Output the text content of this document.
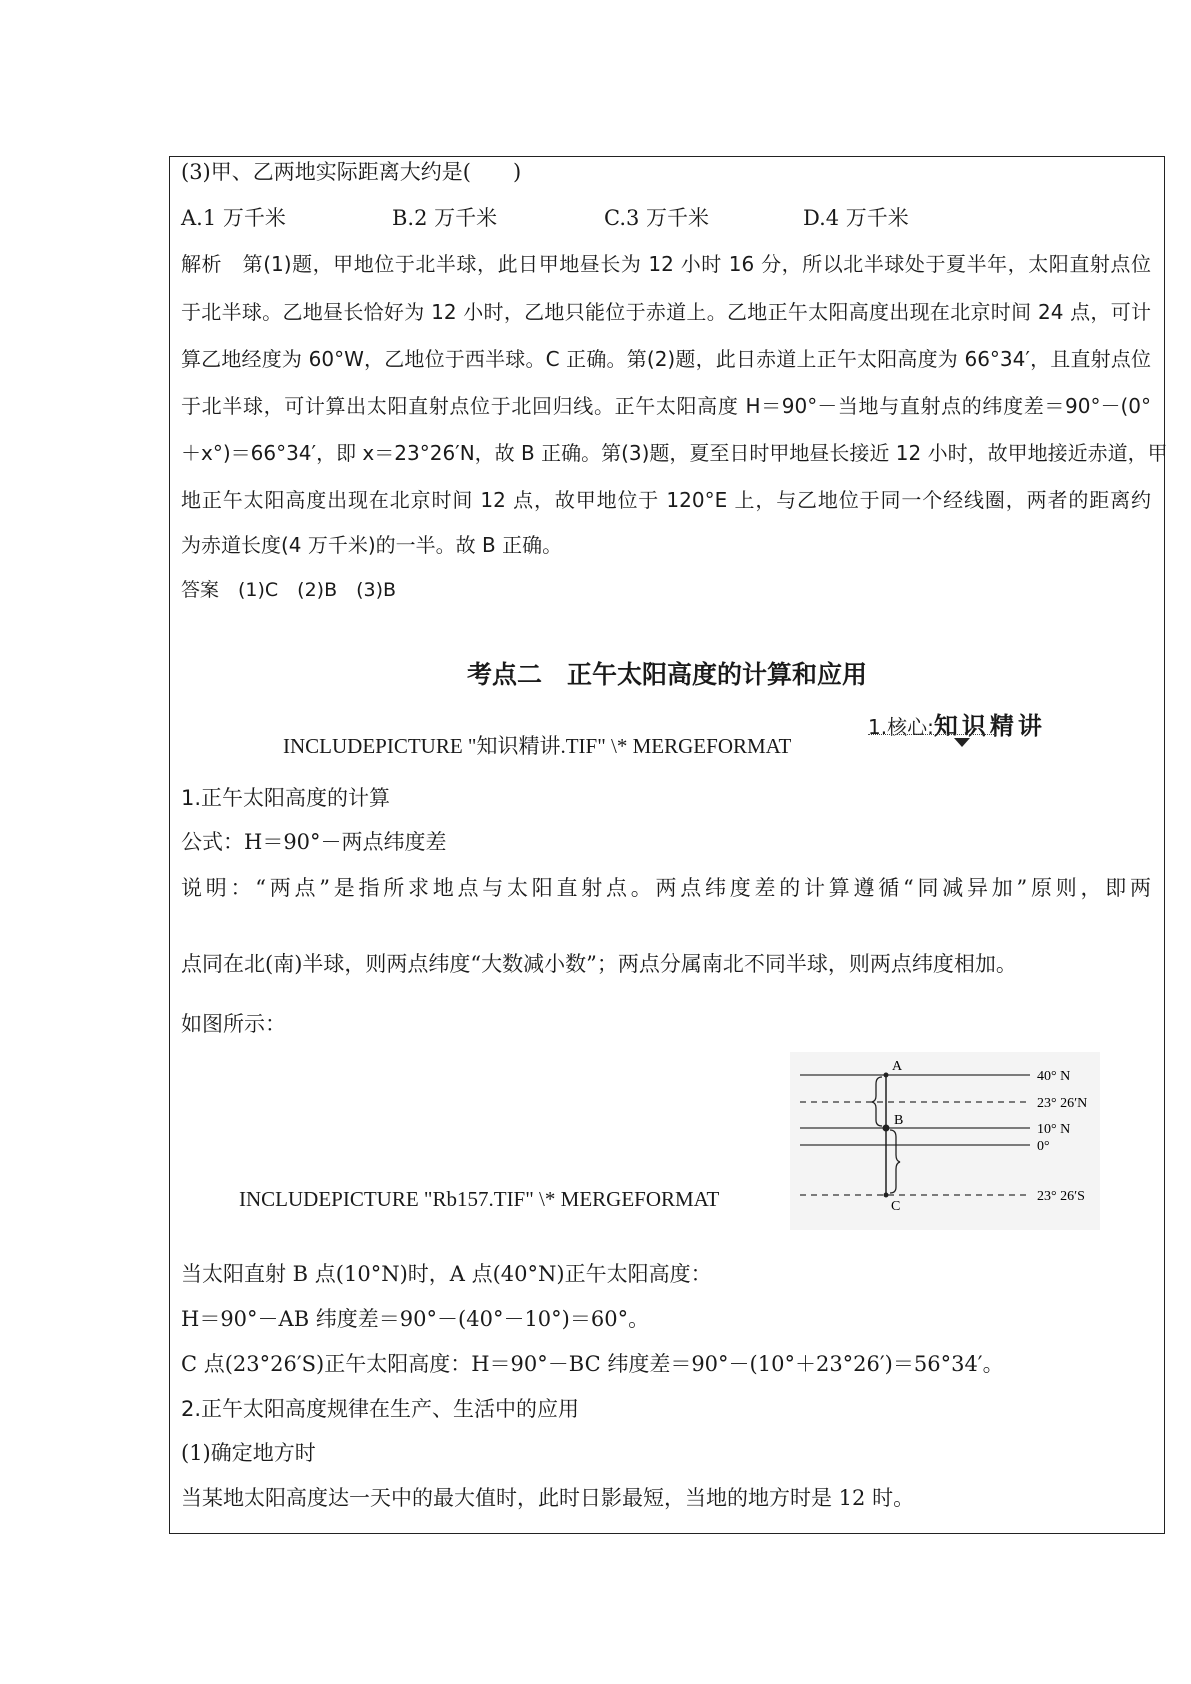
(3)甲、乙两地实际距离大约是(　　)
A.1 万千米	B.2 万千米	C.3 万千米	D.4 万千米
解析　第(1)题，甲地位于北半球，此日甲地昼长为 12 小时 16 分，所以北半球处于夏半年，太阳直射点位
于北半球。乙地昼长恰好为 12 小时，乙地只能位于赤道上。乙地正午太阳高度出现在北京时间 24 点，可计
算乙地经度为 60°W，乙地位于西半球。C 正确。第(2)题，此日赤道上正午太阳高度为 66°34′，且直射点位
于北半球，可计算出太阳直射点位于北回归线。正午太阳高度 H＝90°－当地与直射点的纬度差＝90°－(0°
＋x°)＝66°34′，即 x＝23°26′N，故 B 正确。第(3)题，夏至日时甲地昼长接近 12 小时，故甲地接近赤道，甲
地正午太阳高度出现在北京时间 12 点，故甲地位于 120°E 上，与乙地位于同一个经线圈，两者的距离约
为赤道长度(4 万千米)的一半。故 B 正确。
答案　(1)C　(2)B　(3)B
考点二　正午太阳高度的计算和应用
INCLUDEPICTURE "知识精讲.TIF" \* MERGEFORMAT
1.核心:知识精讲
1.正午太阳高度的计算
公式：H＝90°－两点纬度差
说明：“两点”是指所求地点与太阳直射点。两点纬度差的计算遵循“同减异加”原则，即两
点同在北(南)半球，则两点纬度“大数减小数”；两点分属南北不同半球，则两点纬度相加。
如图所示：
INCLUDEPICTURE "Rb157.TIF" \* MERGEFORMAT
A
B
C
40° N
23° 26′N
10° N
0°
23° 26′S
当太阳直射 B 点(10°N)时，A 点(40°N)正午太阳高度：
H＝90°－AB 纬度差＝90°－(40°－10°)＝60°。
C 点(23°26′S)正午太阳高度：H＝90°－BC 纬度差＝90°－(10°＋23°26′)＝56°34′。
2.正午太阳高度规律在生产、生活中的应用
(1)确定地方时
当某地太阳高度达一天中的最大值时，此时日影最短，当地的地方时是 12 时。
